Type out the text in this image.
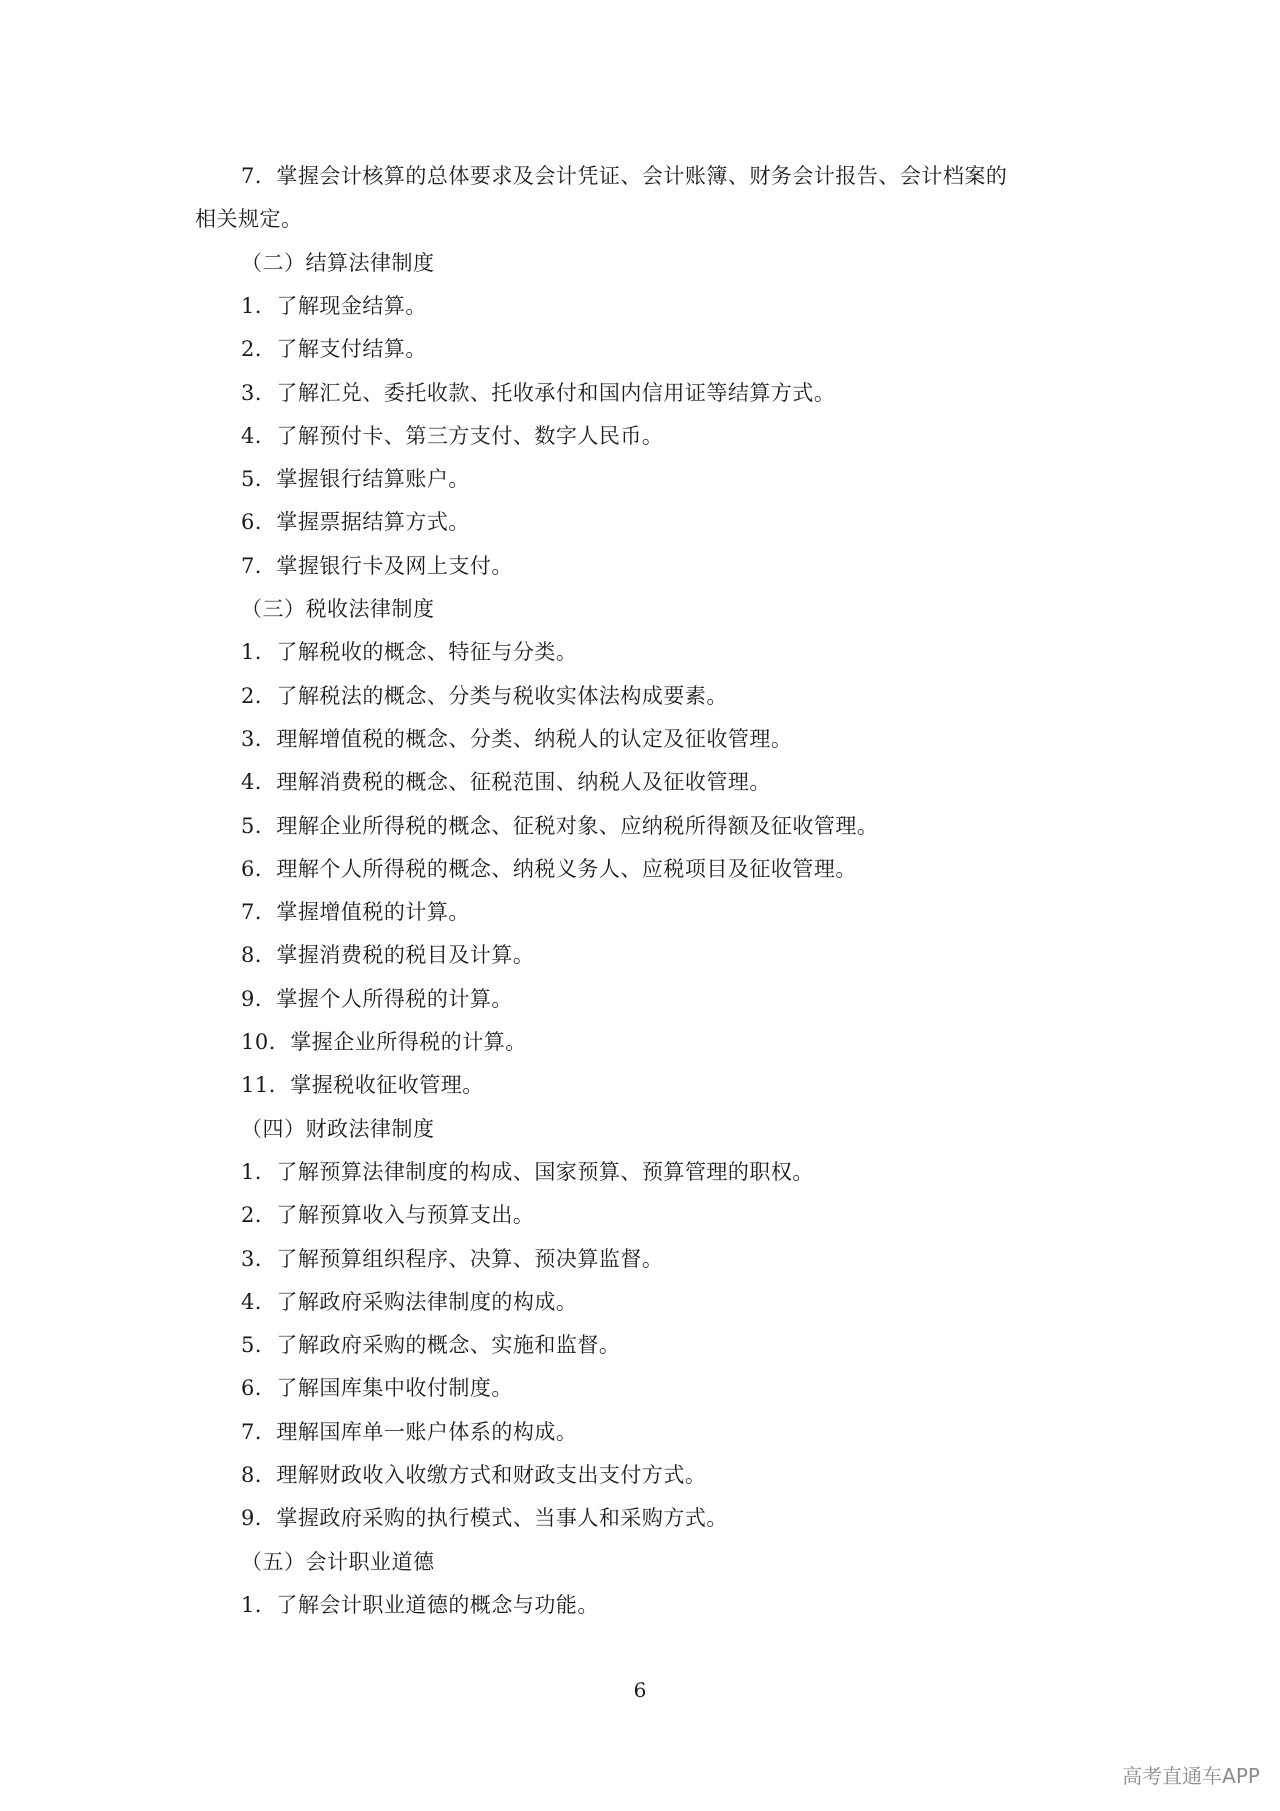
7．掌握会计核算的总体要求及会计凭证、会计账簿、财务会计报告、会计档案的
相关规定。
（二）结算法律制度
1．了解现金结算。
2．了解支付结算。
3．了解汇兑、委托收款、托收承付和国内信用证等结算方式。
4．了解预付卡、第三方支付、数字人民币。
5．掌握银行结算账户。
6．掌握票据结算方式。
7．掌握银行卡及网上支付。
（三）税收法律制度
1．了解税收的概念、特征与分类。
2．了解税法的概念、分类与税收实体法构成要素。
3．理解增值税的概念、分类、纳税人的认定及征收管理。
4．理解消费税的概念、征税范围、纳税人及征收管理。
5．理解企业所得税的概念、征税对象、应纳税所得额及征收管理。
6．理解个人所得税的概念、纳税义务人、应税项目及征收管理。
7．掌握增值税的计算。
8．掌握消费税的税目及计算。
9．掌握个人所得税的计算。
10．掌握企业所得税的计算。
11．掌握税收征收管理。
（四）财政法律制度
1．了解预算法律制度的构成、国家预算、预算管理的职权。
2．了解预算收入与预算支出。
3．了解预算组织程序、决算、预决算监督。
4．了解政府采购法律制度的构成。
5．了解政府采购的概念、实施和监督。
6．了解国库集中收付制度。
7．理解国库单一账户体系的构成。
8．理解财政收入收缴方式和财政支出支付方式。
9．掌握政府采购的执行模式、当事人和采购方式。
（五）会计职业道德
1．了解会计职业道德的概念与功能。
6
高考直通车APP
